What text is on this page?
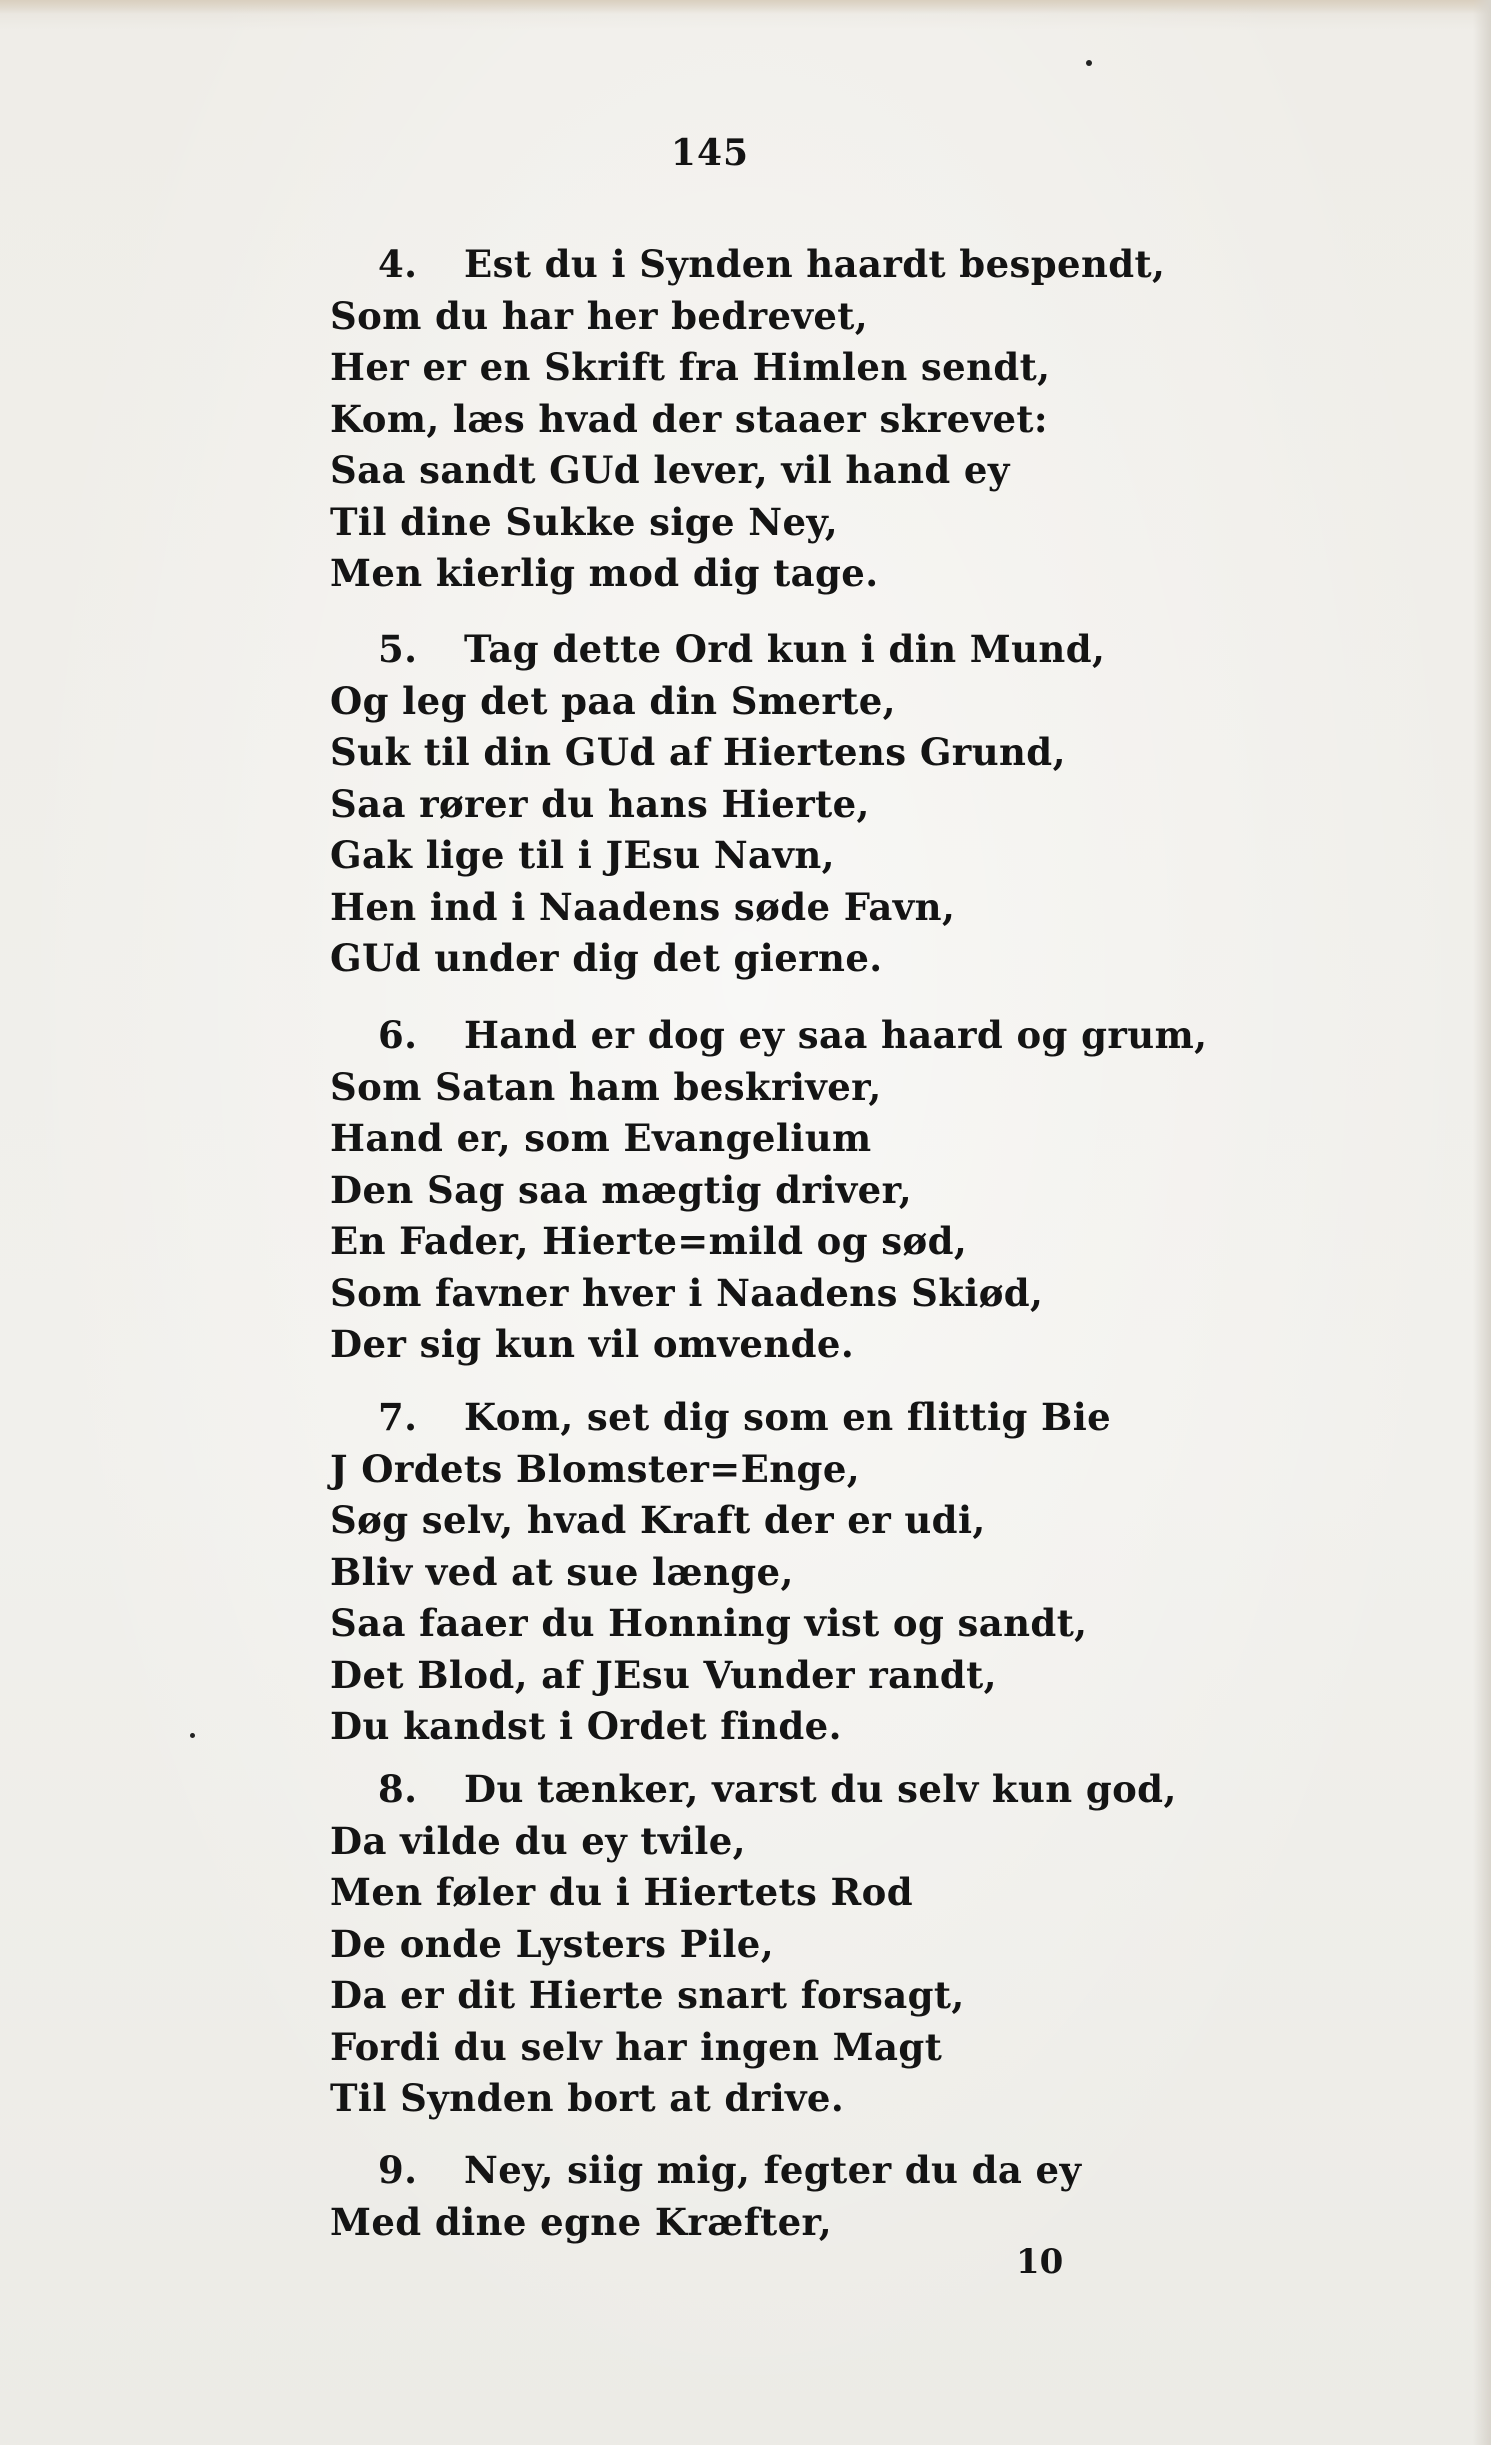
145
4. Est du i Synden haardt bespendt,
Som du har her bedrevet,
Her er en Skrift fra Himlen sendt,
Kom, læs hvad der staaer skrevet:
Saa sandt GUd lever, vil hand ey
Til dine Sukke sige Ney,
Men kierlig mod dig tage.
5. Tag dette Ord kun i din Mund,
Og leg det paa din Smerte,
Suk til din GUd af Hiertens Grund,
Saa rører du hans Hierte,
Gak lige til i JEsu Navn,
Hen ind i Naadens søde Favn,
GUd under dig det gierne.
6. Hand er dog ey saa haard og grum,
Som Satan ham beskriver,
Hand er, som Evangelium
Den Sag saa mægtig driver,
En Fader, Hierte=mild og sød,
Som favner hver i Naadens Skiød,
Der sig kun vil omvende.
7. Kom, set dig som en flittig Bie
J Ordets Blomster=Enge,
Søg selv, hvad Kraft der er udi,
Bliv ved at sue længe,
Saa faaer du Honning vist og sandt,
Det Blod, af JEsu Vunder randt,
Du kandst i Ordet finde.
8. Du tænker, varst du selv kun god,
Da vilde du ey tvile,
Men føler du i Hiertets Rod
De onde Lysters Pile,
Da er dit Hierte snart forsagt,
Fordi du selv har ingen Magt
Til Synden bort at drive.
9. Ney, siig mig, fegter du da ey
Med dine egne Kræfter,
10
